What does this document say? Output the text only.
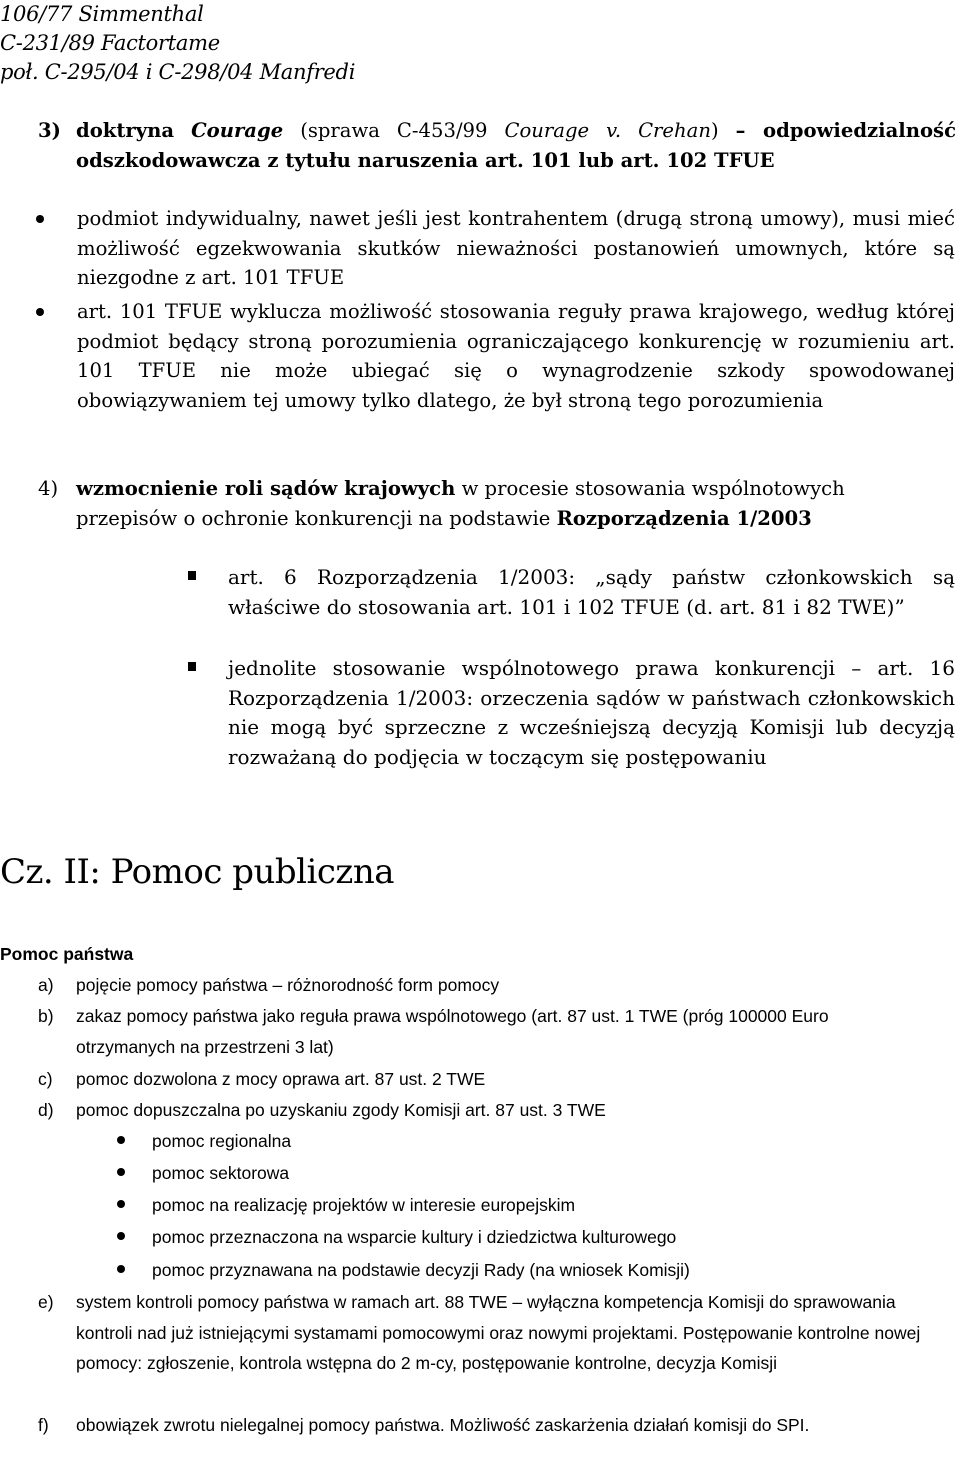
106/77 Simmenthal
C-231/89 Factortame
poł. C-295/04 i C-298/04 Manfredi
3) doktryna Courage (sprawa C-453/99 Courage v. Crehan) – odpowiedzialność odszkodowawcza z tytułu naruszenia art. 101 lub art. 102 TFUE
podmiot indywidualny, nawet jeśli jest kontrahentem (drugą stroną umowy), musi mieć możliwość egzekwowania skutków nieważności postanowień umownych, które są niezgodne z art. 101 TFUE
art. 101 TFUE wyklucza możliwość stosowania reguły prawa krajowego, według której podmiot będący stroną porozumienia ograniczającego konkurencję w rozumieniu art. 101 TFUE nie może ubiegać się o wynagrodzenie szkody spowodowanej obowiązywaniem tej umowy tylko dlatego, że był stroną tego porozumienia
4) wzmocnienie roli sądów krajowych w procesie stosowania wspólnotowych przepisów o ochronie konkurencji na podstawie Rozporządzenia 1/2003
art. 6 Rozporządzenia 1/2003: „sądy państw członkowskich są właściwe do stosowania art. 101 i 102 TFUE (d. art. 81 i 82 TWE)”
jednolite stosowanie wspólnotowego prawa konkurencji – art. 16 Rozporządzenia 1/2003: orzeczenia sądów w państwach członkowskich nie mogą być sprzeczne z wcześniejszą decyzją Komisji lub decyzją rozważaną do podjęcia w toczącym się postępowaniu
Cz. II: Pomoc publiczna
Pomoc państwa
a) pojęcie pomocy państwa – różnorodność form pomocy
b) zakaz pomocy państwa jako reguła prawa wspólnotowego (art. 87 ust. 1 TWE (próg 100000 Euro otrzymanych na przestrzeni 3 lat)
c) pomoc dozwolona z mocy oprawa art. 87 ust. 2 TWE
d) pomoc dopuszczalna po uzyskaniu zgody Komisji art. 87 ust. 3 TWE
pomoc regionalna
pomoc sektorowa
pomoc na realizację projektów w interesie europejskim
pomoc przeznaczona na wsparcie kultury i dziedzictwa kulturowego
pomoc przyznawana na podstawie decyzji Rady (na wniosek Komisji)
e) system kontroli pomocy państwa w ramach art. 88 TWE – wyłączna kompetencja Komisji do sprawowania kontroli nad już istniejącymi systamami pomocowymi oraz nowymi projektami. Postępowanie kontrolne nowej pomocy: zgłoszenie, kontrola wstępna do 2 m-cy, postępowanie kontrolne, decyzja Komisji
f) obowiązek zwrotu nielegalnej pomocy państwa. Możliwość zaskarżenia działań komisji do SPI.
